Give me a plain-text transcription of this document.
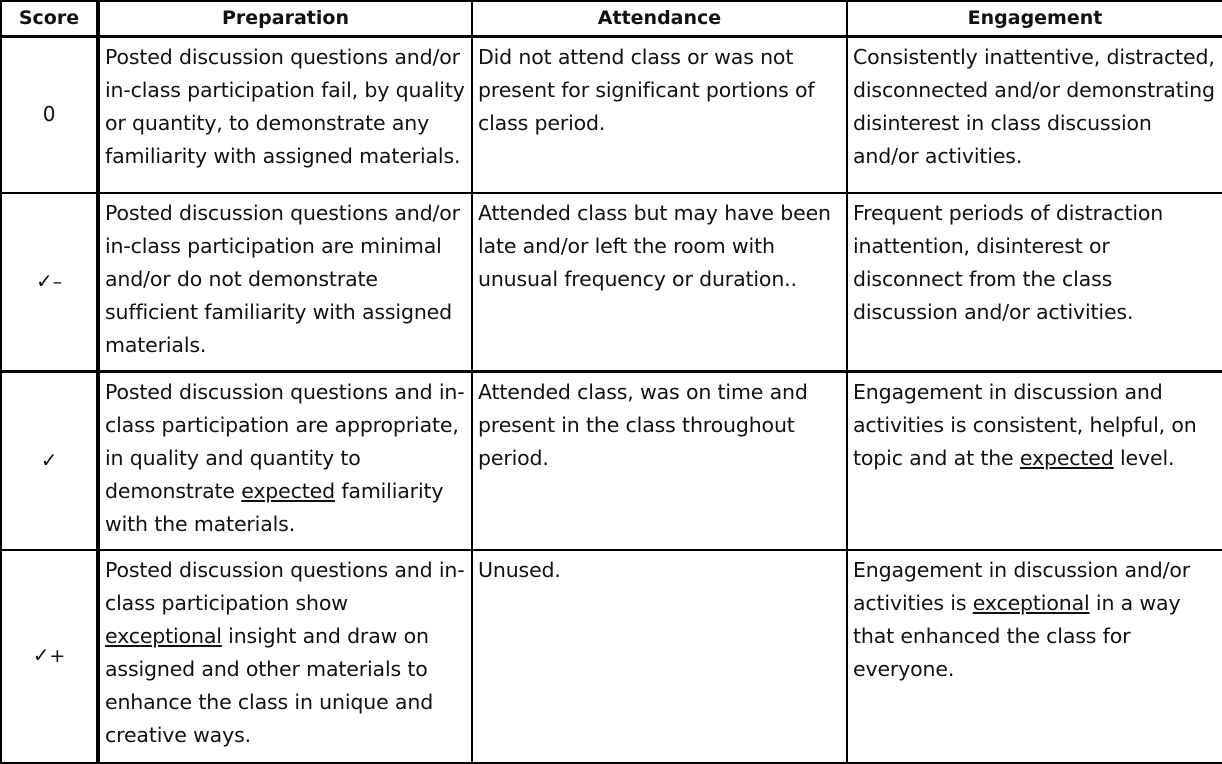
Score	Preparation	Attendance	Engagement
0	Posted discussion questions and/or in-class participation fail, by quality or quantity, to demonstrate any familiarity with assigned materials.	Did not attend class or was not present for significant portions of class period.	Consistently inattentive, distracted, disconnected and/or demonstrating disinterest in class discussion and/or activities.
✓–	Posted discussion questions and/or in-class participation are minimal and/or do not demonstrate sufficient familiarity with assigned materials.	Attended class but may have been late and/or left the room with unusual frequency or duration..	Frequent periods of distraction inattention, disinterest or disconnect from the class discussion and/or activities.
✓	Posted discussion questions and in-class participation are appropriate, in quality and quantity to demonstrate expected familiarity with the materials.	Attended class, was on time and present in the class throughout period.	Engagement in discussion and activities is consistent, helpful, on topic and at the expected level.
✓+	Posted discussion questions and in-class participation show exceptional insight and draw on assigned and other materials to enhance the class in unique and creative ways.	Unused.	Engagement in discussion and/or activities is exceptional in a way that enhanced the class for everyone.
